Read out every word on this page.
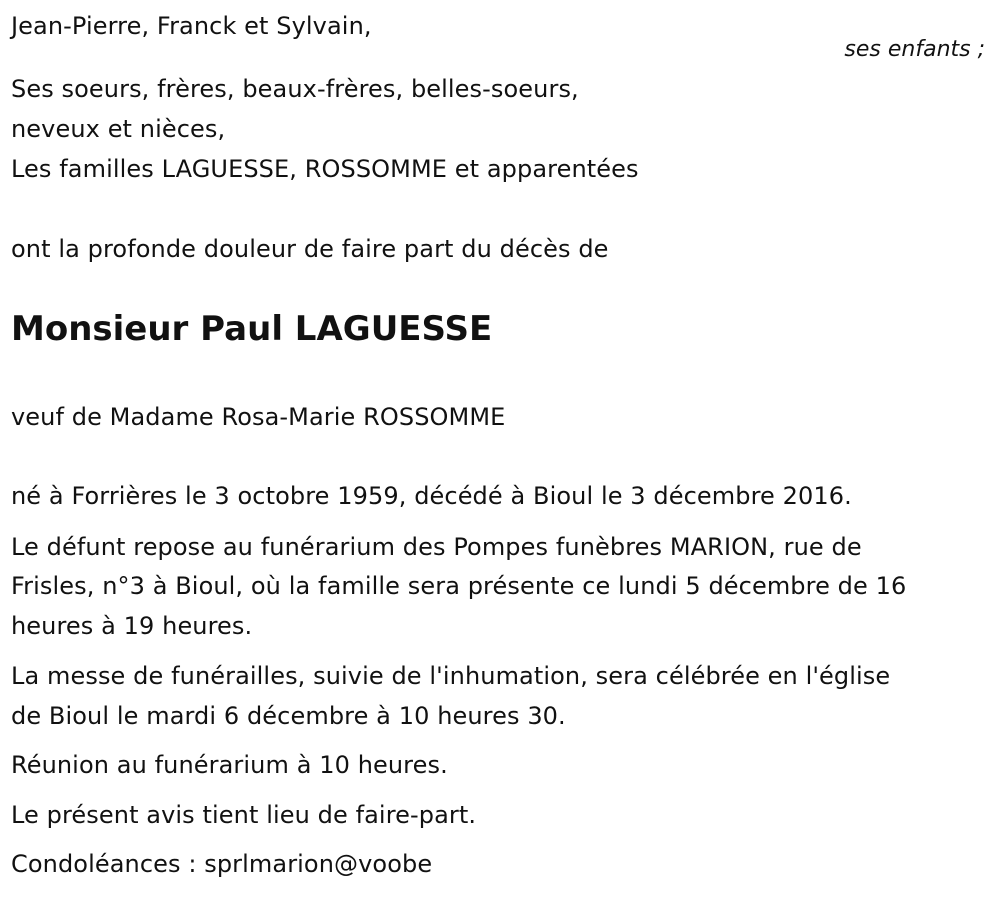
Jean-Pierre, Franck et Sylvain,
ses enfants ;
Ses soeurs, frères, beaux-frères, belles-soeurs,
neveux et nièces,
Les familles LAGUESSE, ROSSOMME et apparentées
ont la profonde douleur de faire part du décès de
Monsieur Paul LAGUESSE
veuf de Madame Rosa-Marie ROSSOMME
né à Forrières le 3 octobre 1959, décédé à Bioul le 3 décembre 2016.
Le défunt repose au funérarium des Pompes funèbres MARION, rue de
Frisles, n°3 à Bioul, où la famille sera présente ce lundi 5 décembre de 16
heures à 19 heures.
La messe de funérailles, suivie de l'inhumation, sera célébrée en l'église
de Bioul le mardi 6 décembre à 10 heures 30.
Réunion au funérarium à 10 heures.
Le présent avis tient lieu de faire-part.
Condoléances : sprlmarion@voobe
